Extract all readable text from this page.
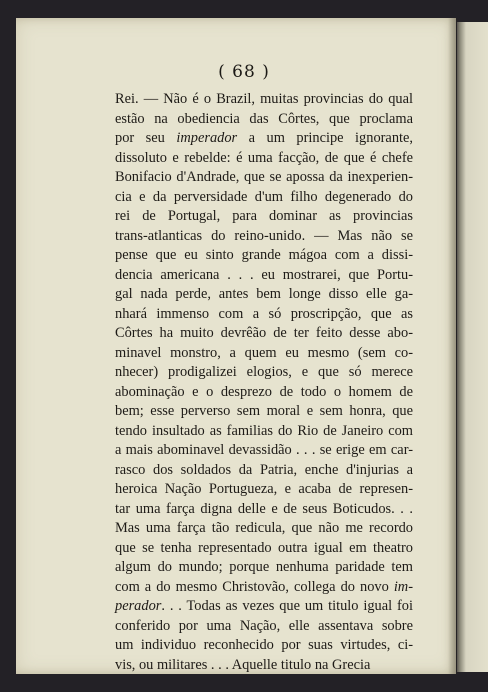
( 68 )
Rei. — Não é o Brazil, muitas provincias do qual
estão na obediencia das Côrtes, que proclama
por seu imperador a um principe ignorante,
dissoluto e rebelde: é uma facção, de que é chefe
Bonifacio d'Andrade, que se apossa da inexperien-
cia e da perversidade d'um filho degenerado do
rei de Portugal, para dominar as provincias
trans-atlanticas do reino-unido. — Mas não se
pense que eu sinto grande mágoa com a dissi-
dencia americana . . . eu mostrarei, que Portu-
gal nada perde, antes bem longe disso elle ga-
nhará immenso com a só proscripção, que as
Côrtes ha muito devrêão de ter feito desse abo-
minavel monstro, a quem eu mesmo (sem co-
nhecer) prodigalizei elogios, e que só merece
abominação e o desprezo de todo o homem de
bem; esse perverso sem moral e sem honra, que
tendo insultado as familias do Rio de Janeiro com
a mais abominavel devassidão . . . se erige em car-
rasco dos soldados da Patria, enche d'injurias a
heroica Nação Portugueza, e acaba de represen-
tar uma farça digna delle e de seus Boticudos. . .
Mas uma farça tão redicula, que não me recordo
que se tenha representado outra igual em theatro
algum do mundo; porque nenhuma paridade tem
com a do mesmo Christovão, collega do novo im-
perador. . . Todas as vezes que um titulo igual foi
conferido por uma Nação, elle assentava sobre
um individuo reconhecido por suas virtudes, ci-
vis, ou militares . . . Aquelle titulo na Grecia
